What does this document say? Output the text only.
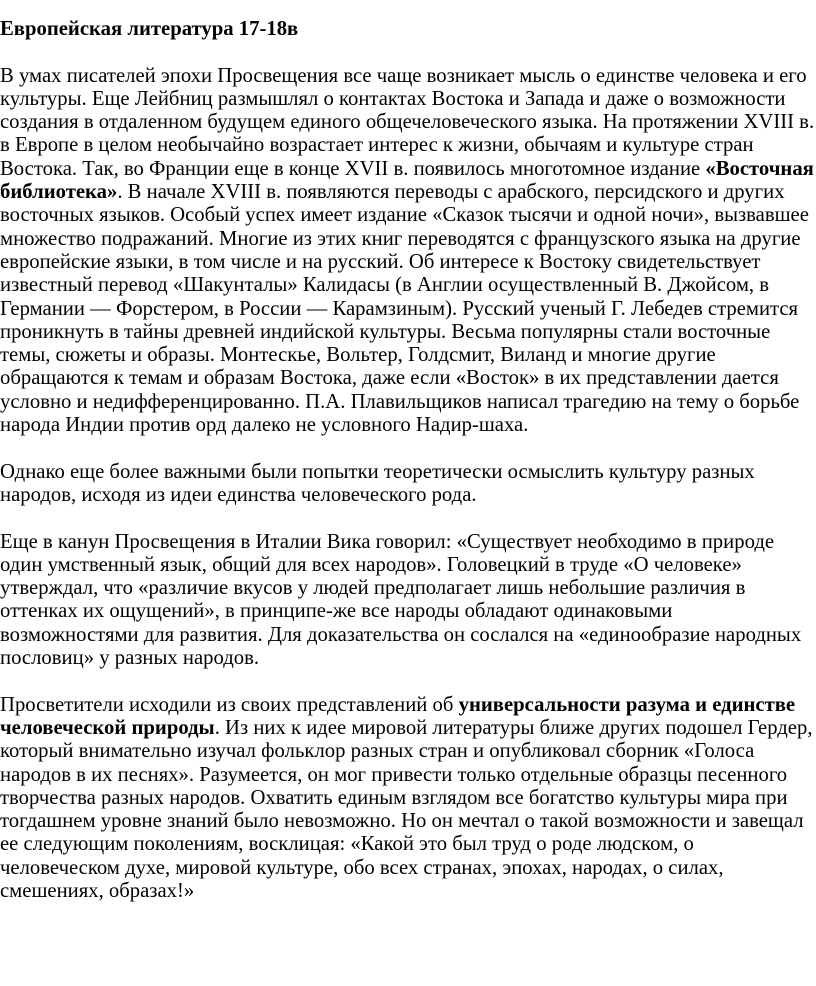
Европейская литература 17-18в

В умах писателей эпохи Просвещения все чаще возникает мысль о единстве человека и его культуры. Еще Лейбниц размышлял о контактах Востока и Запада и даже о возможности создания в отдаленном будущем единого общечеловеческого языка. На протяжении XVIII в. в Европе в целом необычайно возрастает интерес к жизни, обычаям и культуре стран Востока. Так, во Франции еще в конце XVII в. появилось многотомное издание «Восточная библиотека». В начале XVIII в. появляются переводы с арабского, персидского и других восточных языков. Особый успех имеет издание «Сказок тысячи и одной ночи», вызвавшее множество подражаний. Многие из этих книг переводятся с французского языка на другие европейские языки, в том числе и на русский. Об интересе к Востоку свидетельствует известный перевод «Шакунталы» Калидасы (в Англии осуществленный В. Джойсом, в Германии — Форстером, в России — Карамзиным). Русский ученый Г. Лебедев стремится проникнуть в тайны древней индийской культуры. Весьма популярны стали восточные темы, сюжеты и образы. Монтескье, Вольтер, Голдсмит, Виланд и многие другие обращаются к темам и образам Востока, даже если «Восток» в их представлении дается условно и недифференцированно. П.А. Плавильщиков написал трагедию на тему о борьбе народа Индии против орд далеко не условного Надир-шаха.

Однако еще более важными были попытки теоретически осмыслить культуру разных народов, исходя из идеи единства человеческого рода.

Еще в канун Просвещения в Италии Вика говорил: «Существует необходимо в природе один умственный язык, общий для всех народов». Головецкий в труде «О человеке» утверждал, что «различие вкусов у людей предполагает лишь небольшие различия в оттенках их ощущений», в принципе-же все народы обладают одинаковыми возможностями для развития. Для доказательства он сослался на «единообразие народных пословиц» у разных народов.

Просветители исходили из своих представлений об универсальности разума и единстве человеческой природы. Из них к идее мировой литературы ближе других подошел Гердер, который внимательно изучал фольклор разных стран и опубликовал сборник «Голоса народов в их песнях». Разумеется, он мог привести только отдельные образцы песенного творчества разных народов. Охватить единым взглядом все богатство культуры мира при тогдашнем уровне знаний было невозможно. Но он мечтал о такой возможности и завещал ее следующим поколениям, восклицая: «Какой это был труд о роде людском, о человеческом духе, мировой культуре, обо всех странах, эпохах, народах, о силах, смешениях, образах!»
